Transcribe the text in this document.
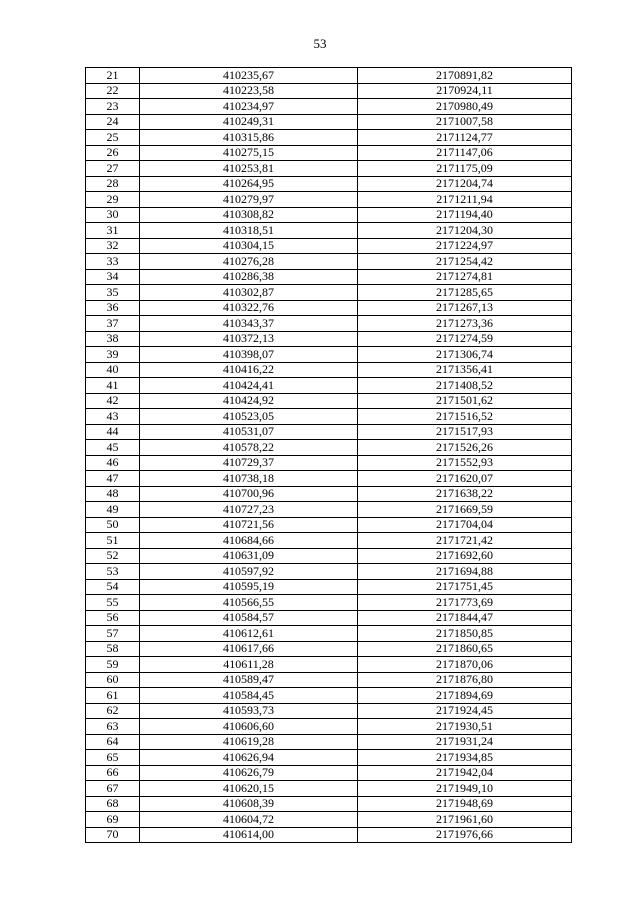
53
21	410235,67	2170891,82
22	410223,58	2170924,11
23	410234,97	2170980,49
24	410249,31	2171007,58
25	410315,86	2171124,77
26	410275,15	2171147,06
27	410253,81	2171175,09
28	410264,95	2171204,74
29	410279,97	2171211,94
30	410308,82	2171194,40
31	410318,51	2171204,30
32	410304,15	2171224,97
33	410276,28	2171254,42
34	410286,38	2171274,81
35	410302,87	2171285,65
36	410322,76	2171267,13
37	410343,37	2171273,36
38	410372,13	2171274,59
39	410398,07	2171306,74
40	410416,22	2171356,41
41	410424,41	2171408,52
42	410424,92	2171501,62
43	410523,05	2171516,52
44	410531,07	2171517,93
45	410578,22	2171526,26
46	410729,37	2171552,93
47	410738,18	2171620,07
48	410700,96	2171638,22
49	410727,23	2171669,59
50	410721,56	2171704,04
51	410684,66	2171721,42
52	410631,09	2171692,60
53	410597,92	2171694,88
54	410595,19	2171751,45
55	410566,55	2171773,69
56	410584,57	2171844,47
57	410612,61	2171850,85
58	410617,66	2171860,65
59	410611,28	2171870,06
60	410589,47	2171876,80
61	410584,45	2171894,69
62	410593,73	2171924,45
63	410606,60	2171930,51
64	410619,28	2171931,24
65	410626,94	2171934,85
66	410626,79	2171942,04
67	410620,15	2171949,10
68	410608,39	2171948,69
69	410604,72	2171961,60
70	410614,00	2171976,66
